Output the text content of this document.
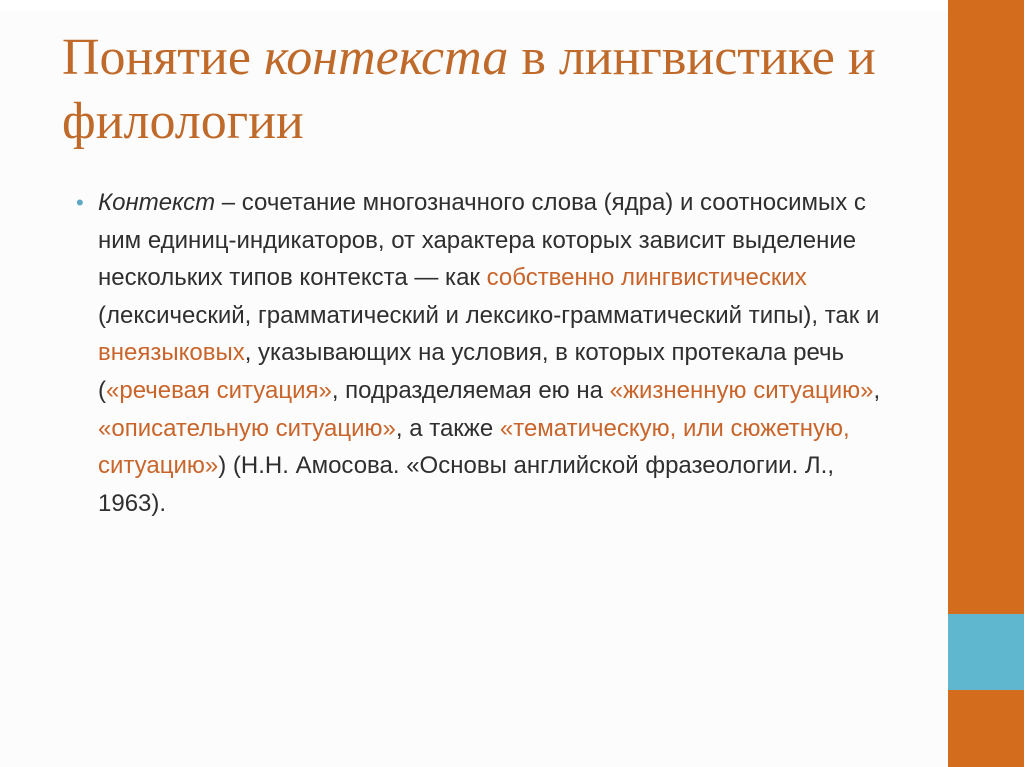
Понятие контекста в лингвистике и филологии
• Контекст – сочетание многозначного слова (ядра) и соотносимых с ним единиц-индикаторов, от характера которых зависит выделение нескольких типов контекста — как собственно лингвистических (лексический, грамматический и лексико-грамматический типы), так и внеязыковых, указывающих на условия, в которых протекала речь («речевая ситуация», подразделяемая ею на «жизненную ситуацию», «описательную ситуацию», а также «тематическую, или сюжетную, ситуацию») (Н.Н. Амосова. «Основы английской фразеологии. Л., 1963).
